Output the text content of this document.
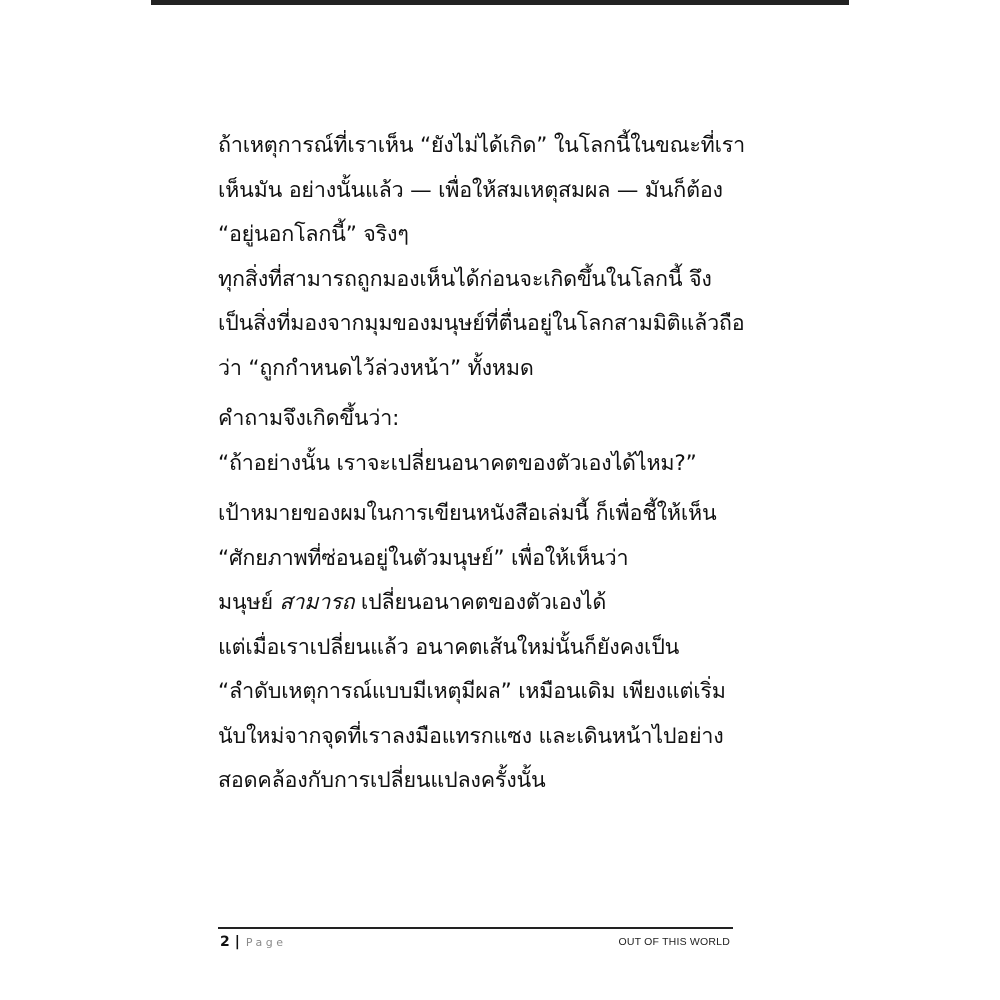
ถ้าเหตุการณ์ที่เราเห็น “ยังไม่ได้เกิด” ในโลกนี้ในขณะที่เรา
เห็นมัน อย่างนั้นแล้ว — เพื่อให้สมเหตุสมผล — มันก็ต้อง
“อยู่นอกโลกนี้” จริงๆ
ทุกสิ่งที่สามารถถูกมองเห็นได้ก่อนจะเกิดขึ้นในโลกนี้ จึง
เป็นสิ่งที่มองจากมุมของมนุษย์ที่ตื่นอยู่ในโลกสามมิติแล้วถือ
ว่า “ถูกกำหนดไว้ล่วงหน้า” ทั้งหมด
คำถามจึงเกิดขึ้นว่า:
“ถ้าอย่างนั้น เราจะเปลี่ยนอนาคตของตัวเองได้ไหม?”
เป้าหมายของผมในการเขียนหนังสือเล่มนี้ ก็เพื่อชี้ให้เห็น
“ศักยภาพที่ซ่อนอยู่ในตัวมนุษย์” เพื่อให้เห็นว่า
มนุษย์ สามารถ เปลี่ยนอนาคตของตัวเองได้
แต่เมื่อเราเปลี่ยนแล้ว อนาคตเส้นใหม่นั้นก็ยังคงเป็น
“ลำดับเหตุการณ์แบบมีเหตุมีผล” เหมือนเดิม เพียงแต่เริ่ม
นับใหม่จากจุดที่เราลงมือแทรกแซง และเดินหน้าไปอย่าง
สอดคล้องกับการเปลี่ยนแปลงครั้งนั้น
2 | Page	OUT OF THIS WORLD
